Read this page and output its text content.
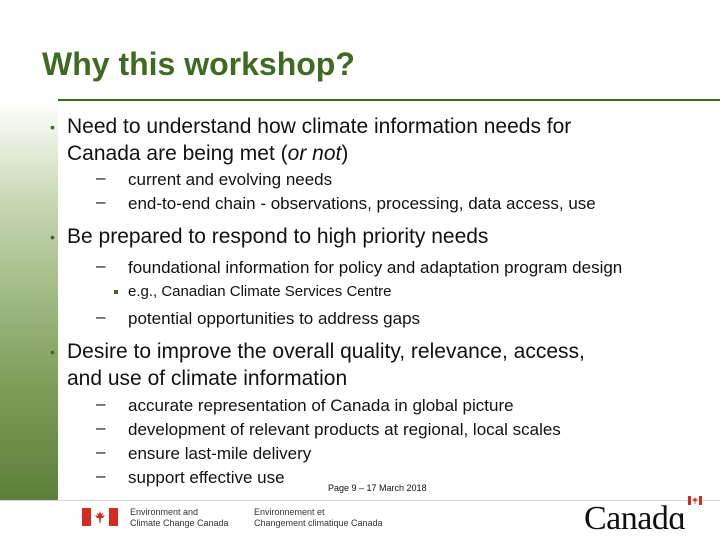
Why this workshop?
• Need to understand how climate information needs for
Canada are being met (or not)
– current and evolving needs
– end-to-end chain - observations, processing, data access, use
• Be prepared to respond to high priority needs
– foundational information for policy and adaptation program design
e.g., Canadian Climate Services Centre
– potential opportunities to address gaps
• Desire to improve the overall quality, relevance, access,
and use of climate information
– accurate representation of Canada in global picture
– development of relevant products at regional, local scales
– ensure last-mile delivery
– support effective use
Page 9 – 17 March 2018
Environment and
Climate Change Canada
Environnement et
Changement climatique Canada	Canadɑ
